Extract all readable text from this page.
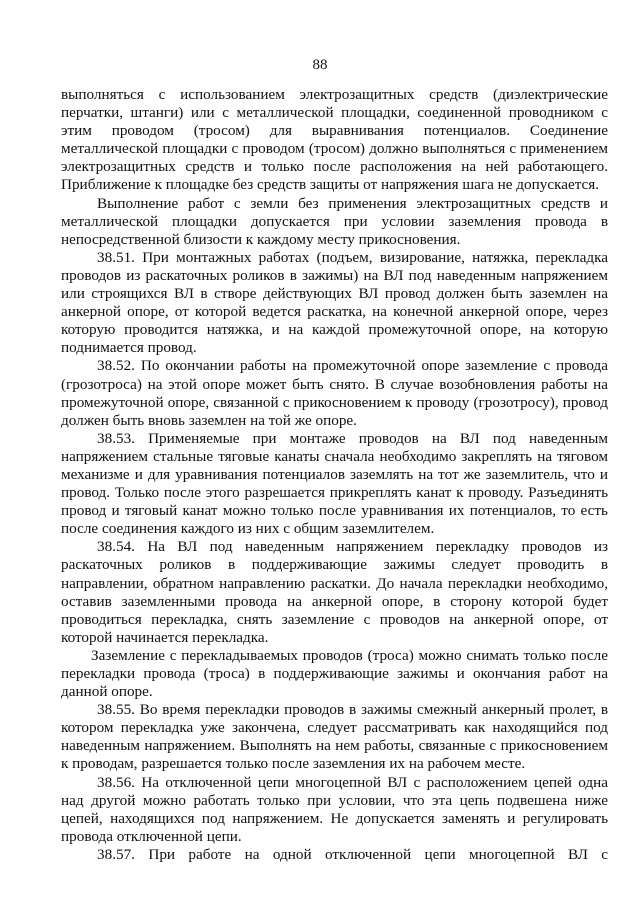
88

выполняться с использованием электрозащитных средств (диэлектрические перчатки, штанги) или с металлической площадки, соединенной проводником с этим проводом (тросом) для выравнивания потенциалов. Соединение металлической площадки с проводом (тросом) должно выполняться с применением электрозащитных средств и только после расположения на ней работающего. Приближение к площадке без средств защиты от напряжения шага не допускается.

Выполнение работ с земли без применения электрозащитных средств и металлической площадки допускается при условии заземления провода в непосредственной близости к каждому месту прикосновения.

38.51. При монтажных работах (подъем, визирование, натяжка, перекладка проводов из раскаточных роликов в зажимы) на ВЛ под наведенным напряжением или строящихся ВЛ в створе действующих ВЛ провод должен быть заземлен на анкерной опоре, от которой ведется раскатка, на конечной анкерной опоре, через которую проводится натяжка, и на каждой промежуточной опоре, на которую поднимается провод.

38.52. По окончании работы на промежуточной опоре заземление с провода (грозотроса) на этой опоре может быть снято. В случае возобновления работы на промежуточной опоре, связанной с прикосновением к проводу (грозотросу), провод должен быть вновь заземлен на той же опоре.

38.53. Применяемые при монтаже проводов на ВЛ под наведенным напряжением стальные тяговые канаты сначала необходимо закреплять на тяговом механизме и для уравнивания потенциалов заземлять на тот же заземлитель, что и провод. Только после этого разрешается прикреплять канат к проводу. Разъединять провод и тяговый канат можно только после уравнивания их потенциалов, то есть после соединения каждого из них с общим заземлителем.

38.54. На ВЛ под наведенным напряжением перекладку проводов из раскаточных роликов в поддерживающие зажимы следует проводить в направлении, обратном направлению раскатки. До начала перекладки необходимо, оставив заземленными провода на анкерной опоре, в сторону которой будет проводиться перекладка, снять заземление с проводов на анкерной опоре, от которой начинается перекладка.

Заземление с перекладываемых проводов (троса) можно снимать только после перекладки провода (троса) в поддерживающие зажимы и окончания работ на данной опоре.

38.55. Во время перекладки проводов в зажимы смежный анкерный пролет, в котором перекладка уже закончена, следует рассматривать как находящийся под наведенным напряжением. Выполнять на нем работы, связанные с прикосновением к проводам, разрешается только после заземления их на рабочем месте.

38.56. На отключенной цепи многоцепной ВЛ с расположением цепей одна над другой можно работать только при условии, что эта цепь подвешена ниже цепей, находящихся под напряжением. Не допускается заменять и регулировать провода отключенной цепи.

38.57. При работе на одной отключенной цепи многоцепной ВЛ с
